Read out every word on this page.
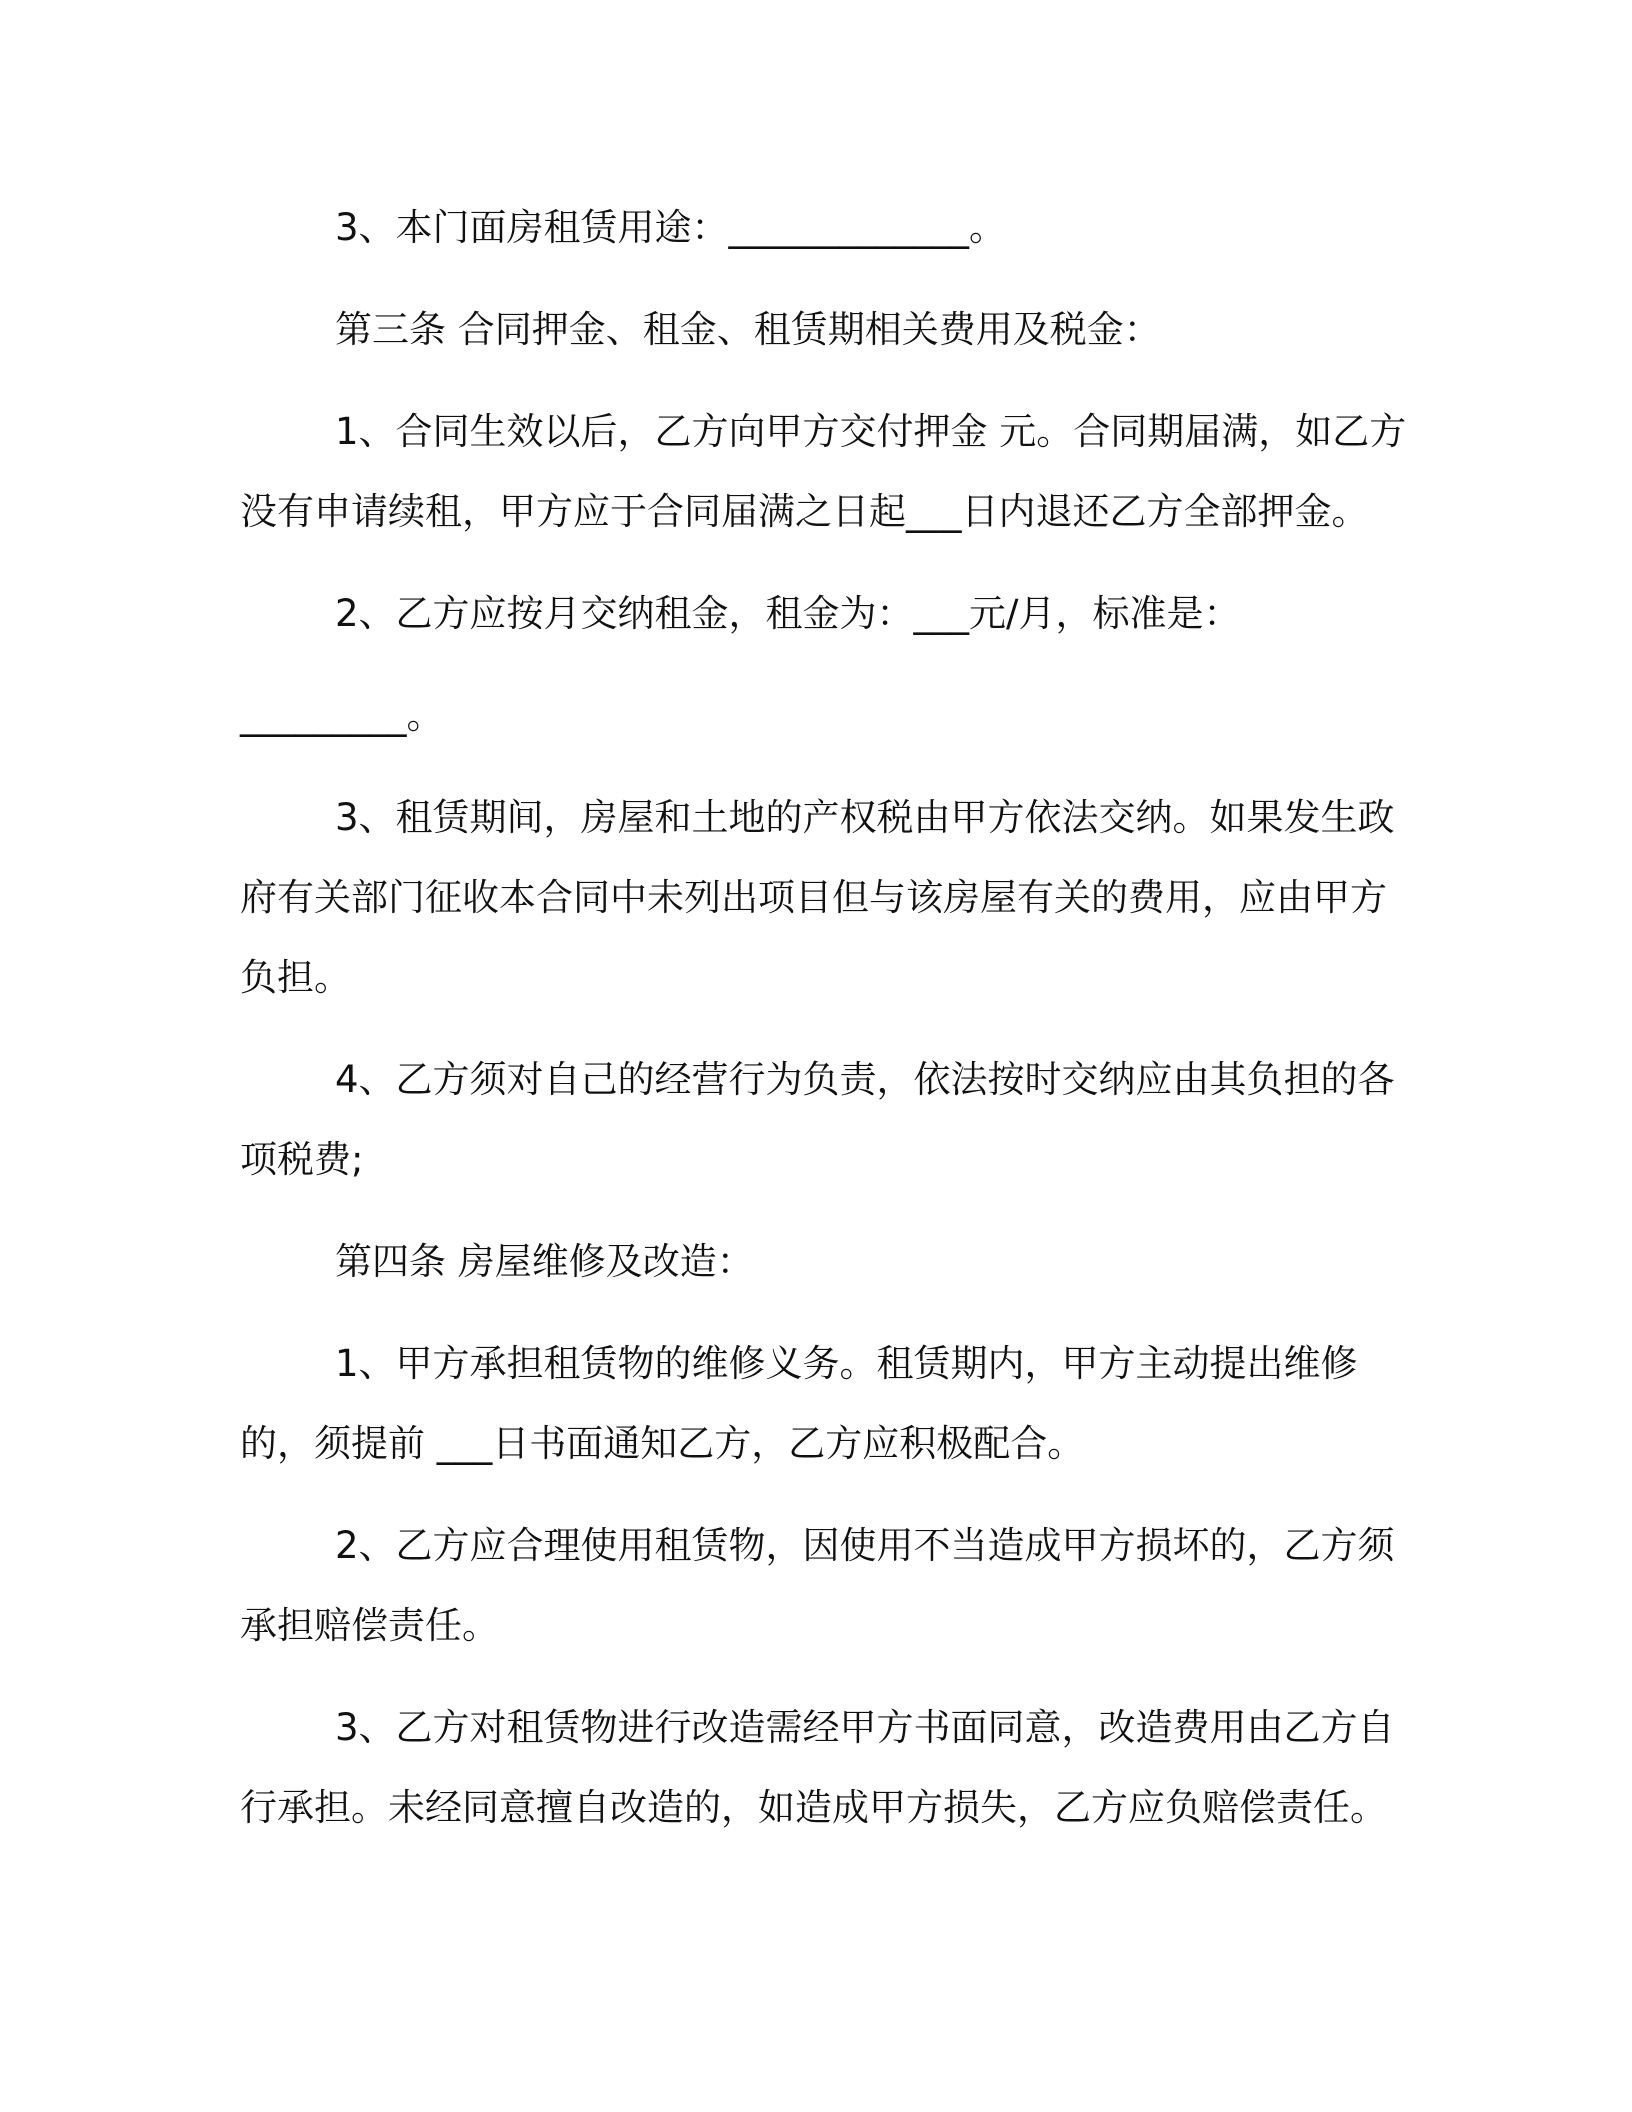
3、本门面房租赁用途：_____________。

第三条 合同押金、租金、租赁期相关费用及税金：

1、合同生效以后，乙方向甲方交付押金 元。合同期届满，如乙方没有申请续租，甲方应于合同届满之日起___日内退还乙方全部押金。

2、乙方应按月交纳租金，租金为：___元/月，标准是：

_________。

3、租赁期间，房屋和土地的产权税由甲方依法交纳。如果发生政府有关部门征收本合同中未列出项目但与该房屋有关的费用，应由甲方负担。

4、乙方须对自己的经营行为负责，依法按时交纳应由其负担的各项税费;

第四条 房屋维修及改造：

1、甲方承担租赁物的维修义务。租赁期内，甲方主动提出维修的，须提前 ___日书面通知乙方，乙方应积极配合。

2、乙方应合理使用租赁物，因使用不当造成甲方损坏的，乙方须承担赔偿责任。

3、乙方对租赁物进行改造需经甲方书面同意，改造费用由乙方自行承担。未经同意擅自改造的，如造成甲方损失，乙方应负赔偿责任。
